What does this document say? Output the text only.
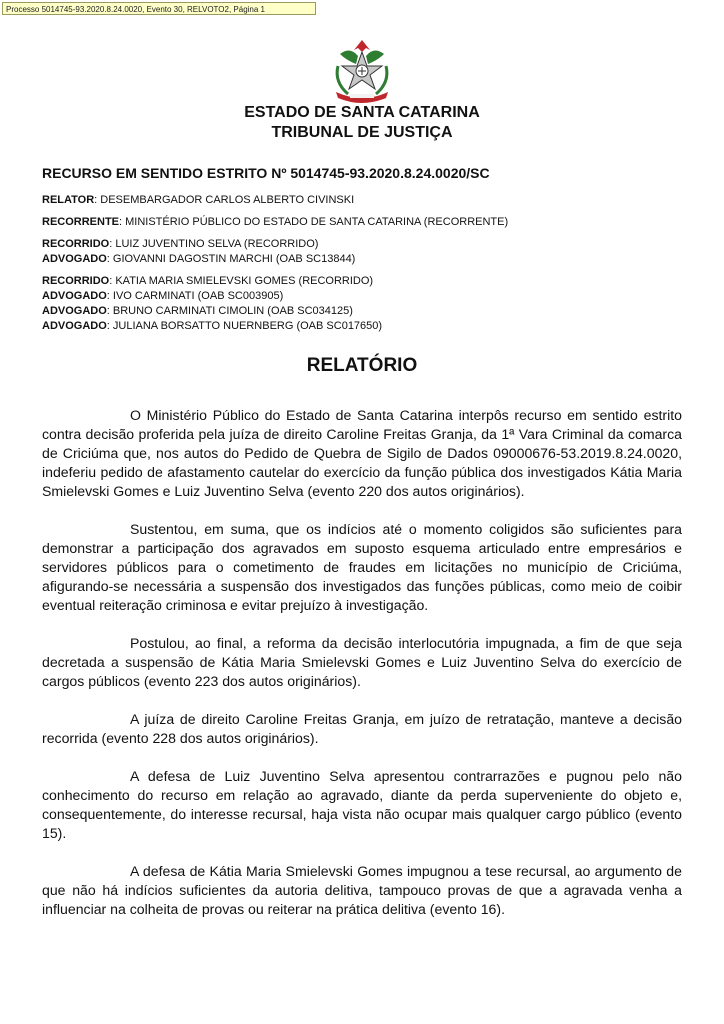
Processo 5014745-93.2020.8.24.0020, Evento 30, RELVOTO2, Página 1
ESTADO DE SANTA CATARINA
TRIBUNAL DE JUSTIÇA
RECURSO EM SENTIDO ESTRITO Nº 5014745-93.2020.8.24.0020/SC
RELATOR: DESEMBARGADOR CARLOS ALBERTO CIVINSKI
RECORRENTE: MINISTÉRIO PÚBLICO DO ESTADO DE SANTA CATARINA (RECORRENTE)
RECORRIDO: LUIZ JUVENTINO SELVA (RECORRIDO)
ADVOGADO: GIOVANNI DAGOSTIN MARCHI (OAB SC13844)
RECORRIDO: KATIA MARIA SMIELEVSKI GOMES (RECORRIDO)
ADVOGADO: IVO CARMINATI (OAB SC003905)
ADVOGADO: BRUNO CARMINATI CIMOLIN (OAB SC034125)
ADVOGADO: JULIANA BORSATTO NUERNBERG (OAB SC017650)
RELATÓRIO

O Ministério Público do Estado de Santa Catarina interpôs recurso em sentido estrito contra decisão proferida pela juíza de direito Caroline Freitas Granja, da 1ª Vara Criminal da comarca de Criciúma que, nos autos do Pedido de Quebra de Sigilo de Dados 09000676-53.2019.8.24.0020, indeferiu pedido de afastamento cautelar do exercício da função pública dos investigados Kátia Maria Smielevski Gomes e Luiz Juventino Selva (evento 220 dos autos originários).

Sustentou, em suma, que os indícios até o momento coligidos são suficientes para demonstrar a participação dos agravados em suposto esquema articulado entre empresários e servidores públicos para o cometimento de fraudes em licitações no município de Criciúma, afigurando-se necessária a suspensão dos investigados das funções públicas, como meio de coibir eventual reiteração criminosa e evitar prejuízo à investigação.

Postulou, ao final, a reforma da decisão interlocutória impugnada, a fim de que seja decretada a suspensão de Kátia Maria Smielevski Gomes e Luiz Juventino Selva do exercício de cargos públicos (evento 223 dos autos originários).

A juíza de direito Caroline Freitas Granja, em juízo de retratação, manteve a decisão recorrida (evento 228 dos autos originários).

A defesa de Luiz Juventino Selva apresentou contrarrazões e pugnou pelo não conhecimento do recurso em relação ao agravado, diante da perda superveniente do objeto e, consequentemente, do interesse recursal, haja vista não ocupar mais qualquer cargo público (evento 15).

A defesa de Kátia Maria Smielevski Gomes impugnou a tese recursal, ao argumento de que não há indícios suficientes da autoria delitiva, tampouco provas de que a agravada venha a influenciar na colheita de provas ou reiterar na prática delitiva (evento 16).
